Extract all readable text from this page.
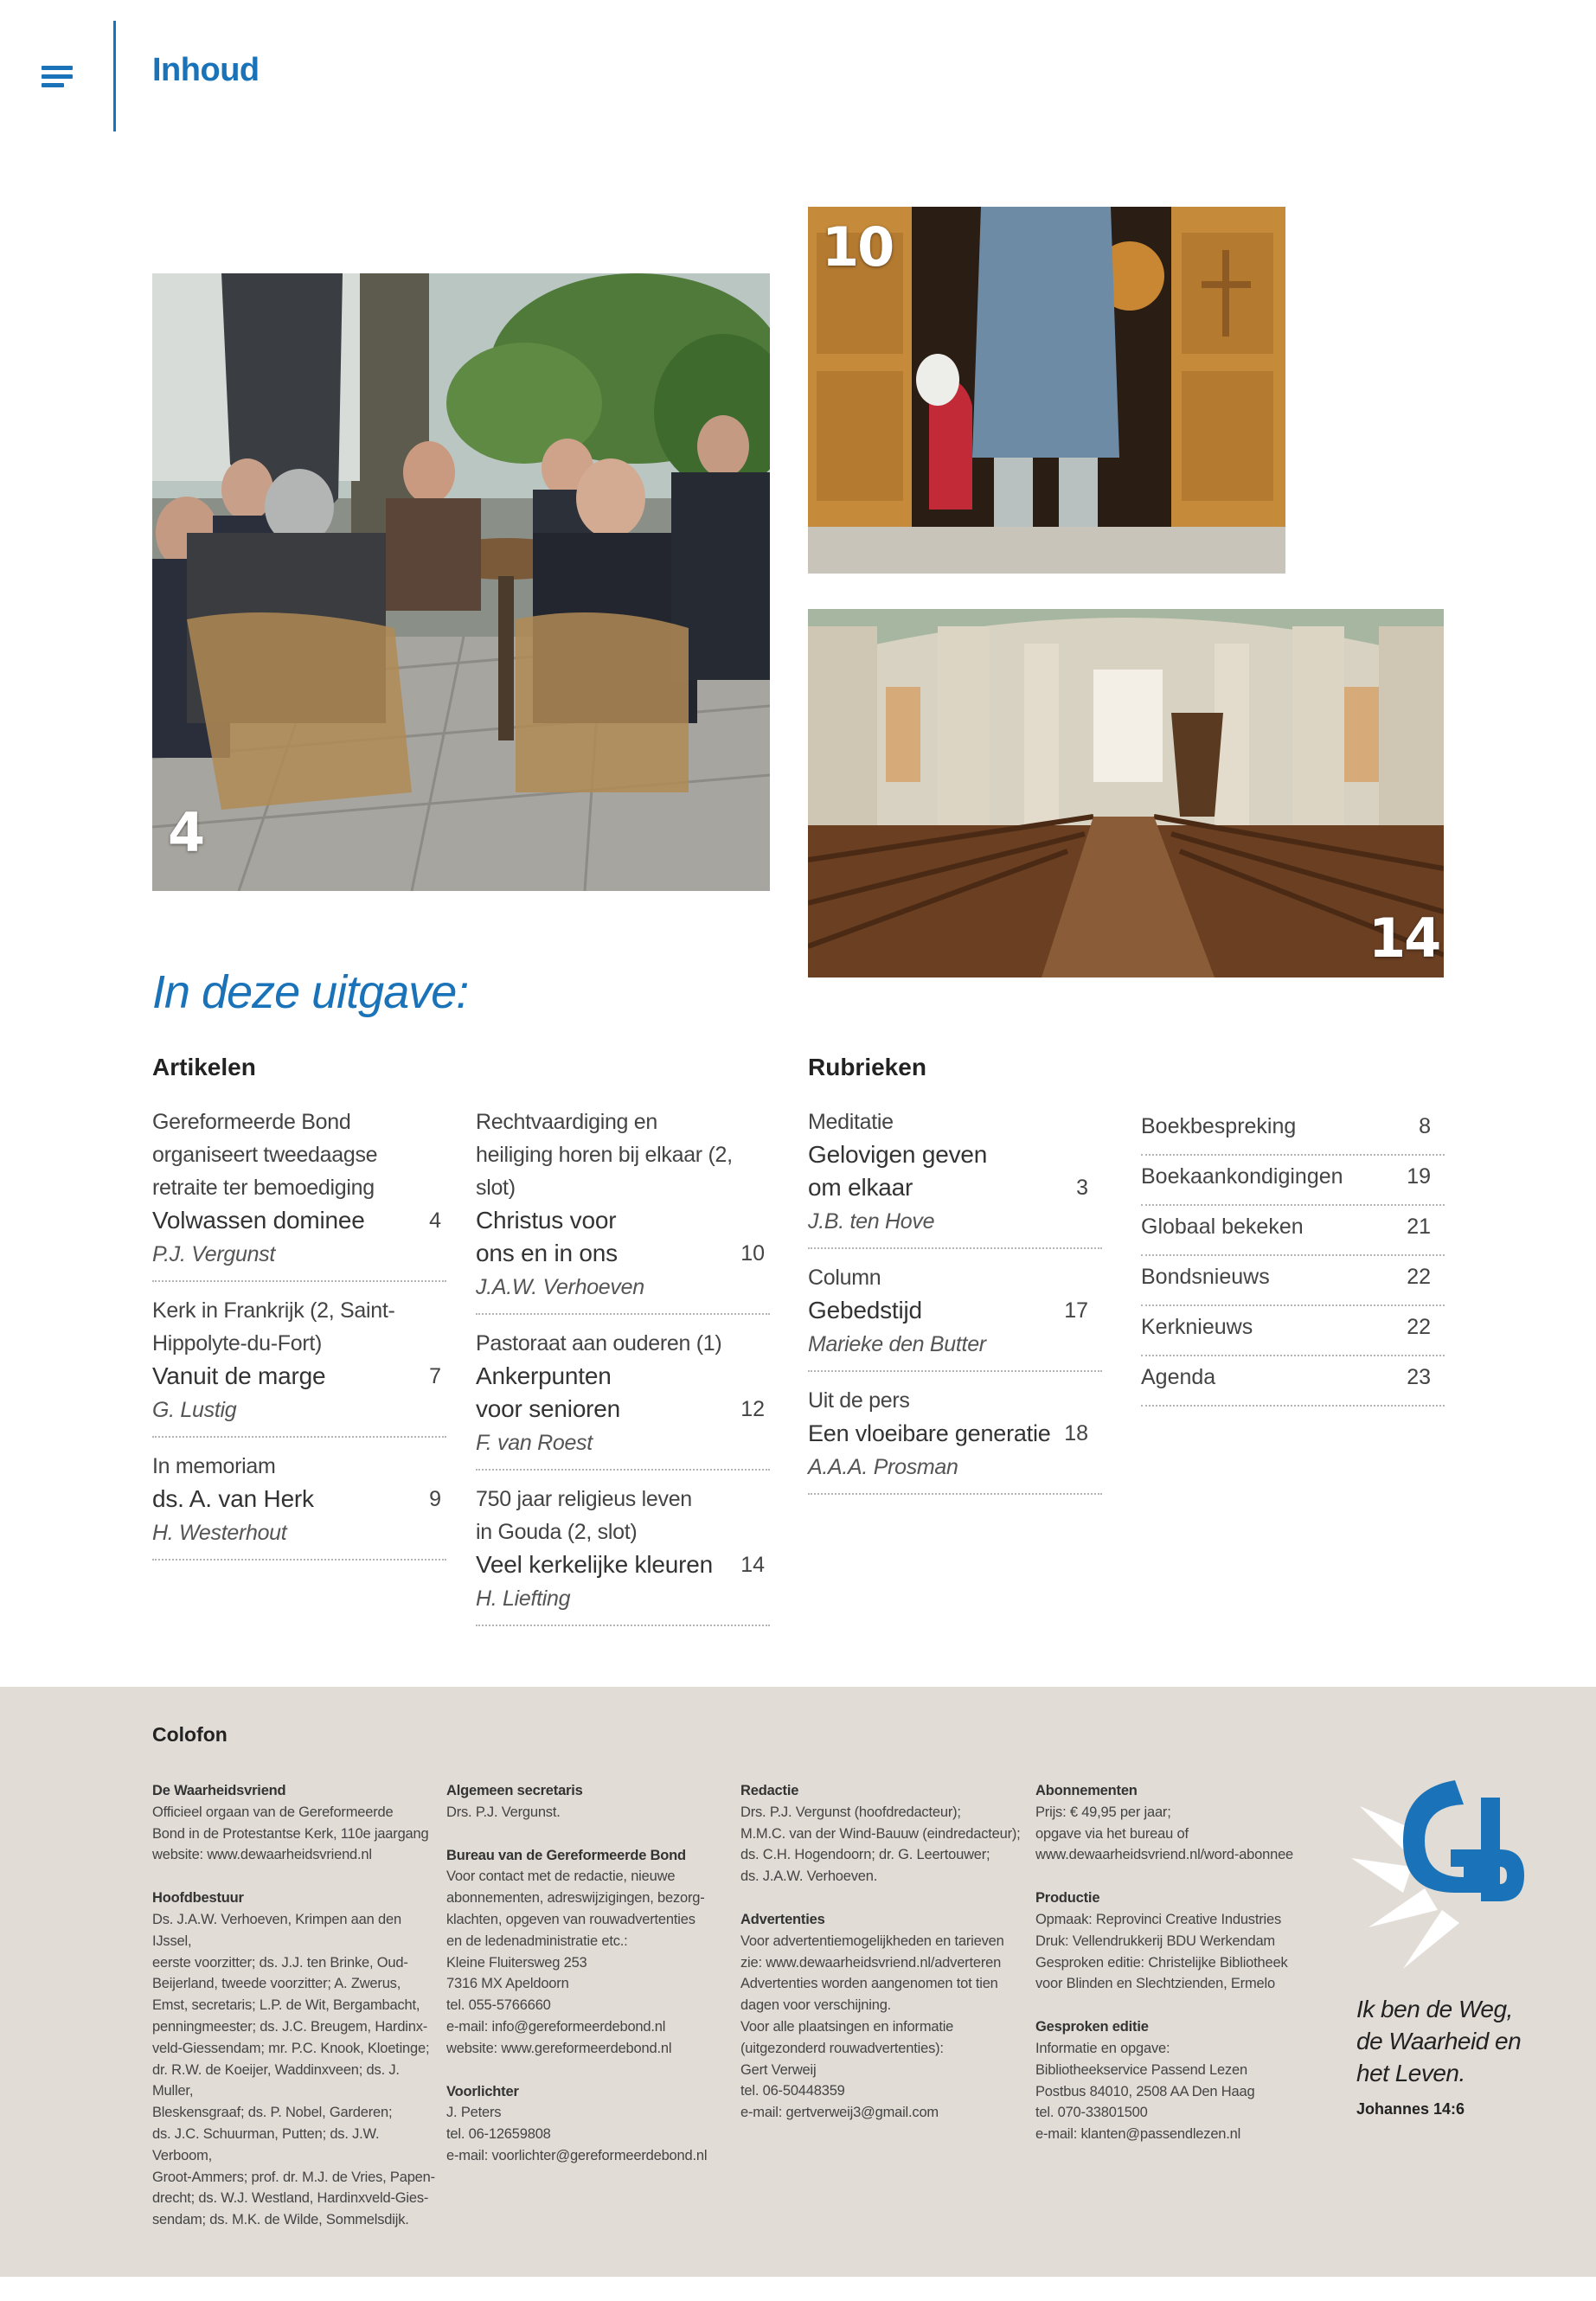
Inhoud
4
10
14
In deze uitgave:
Artikelen	Rubrieken
Gereformeerde Bond organiseert tweedaagse retraite ter bemoediging
Volwassen dominee	4
P.J. Vergunst
Kerk in Frankrijk (2, Saint-Hippolyte-du-Fort)
Vanuit de marge	7
G. Lustig
In memoriam
ds. A. van Herk	9
H. Westerhout
Rechtvaardiging en heiliging horen bij elkaar (2, slot)
Christus voor ons en in ons	10
J.A.W. Verhoeven
Pastoraat aan ouderen (1)
Ankerpunten voor senioren	12
F. van Roest
750 jaar religieus leven in Gouda (2, slot)
Veel kerkelijke kleuren	14
H. Liefting
Meditatie
Gelovigen geven om elkaar	3
J.B. ten Hove
Column
Gebedstijd	17
Marieke den Butter
Uit de pers
Een vloeibare generatie 18
A.A.A. Prosman
Boekbespreking	8
Boekaankondigingen	19
Globaal bekeken	21
Bondsnieuws	22
Kerknieuws	22
Agenda	23
Colofon
De Waarheidsvriend
Officieel orgaan van de Gereformeerde
Bond in de Protestantse Kerk, 110e jaargang
website: www.dewaarheidsvriend.nl
Hoofdbestuur
Ds. J.A.W. Verhoeven, Krimpen aan den IJssel,
eerste voorzitter; ds. J.J. ten Brinke, Oud-
Beijerland, tweede voorzitter; A. Zwerus,
Emst, secretaris; L.P. de Wit, Bergambacht,
penningmeester; ds. J.C. Breugem, Hardinx-
veld-Giessendam; mr. P.C. Knook, Kloetinge;
dr. R.W. de Koeijer, Waddinxveen; ds. J. Muller,
Bleskensgraaf; ds. P. Nobel, Garderen;
ds. J.C. Schuurman, Putten; ds. J.W. Verboom,
Groot-Ammers; prof. dr. M.J. de Vries, Papen-
drecht; ds. W.J. Westland, Hardinxveld-Gies-
sendam; ds. M.K. de Wilde, Sommelsdijk.
Algemeen secretaris
Drs. P.J. Vergunst.
Bureau van de Gereformeerde Bond
Voor contact met de redactie, nieuwe
abonnementen, adreswijzigingen, bezorg-
klachten, opgeven van rouwadvertenties
en de ledenadministratie etc.:
Kleine Fluitersweg 253
7316 MX Apeldoorn
tel. 055-5766660
e-mail: info@gereformeerdebond.nl
website: www.gereformeerdebond.nl
Voorlichter
J. Peters
tel. 06-12659808
e-mail: voorlichter@gereformeerdebond.nl
Redactie
Drs. P.J. Vergunst (hoofdredacteur);
M.M.C. van der Wind-Bauuw (eindredacteur);
ds. C.H. Hogendoorn; dr. G. Leertouwer;
ds. J.A.W. Verhoeven.
Advertenties
Voor advertentiemogelijkheden en tarieven
zie: www.dewaarheidsvriend.nl/adverteren
Advertenties worden aangenomen tot tien
dagen voor verschijning.
Voor alle plaatsingen en informatie
(uitgezonderd rouwadvertenties):
Gert Verweij
tel. 06-50448359
e-mail: gertverweij3@gmail.com
Abonnementen
Prijs: € 49,95 per jaar;
opgave via het bureau of
www.dewaarheidsvriend.nl/word-abonnee
Productie
Opmaak: Reprovinci Creative Industries
Druk: Vellendrukkerij BDU Werkendam
Gesproken editie: Christelijke Bibliotheek
voor Blinden en Slechtzienden, Ermelo
Gesproken editie
Informatie en opgave:
Bibliotheekservice Passend Lezen
Postbus 84010, 2508 AA Den Haag
tel. 070-33801500
e-mail: klanten@passendlezen.nl
Ik ben de Weg,
de Waarheid en
het Leven.
Johannes 14:6
